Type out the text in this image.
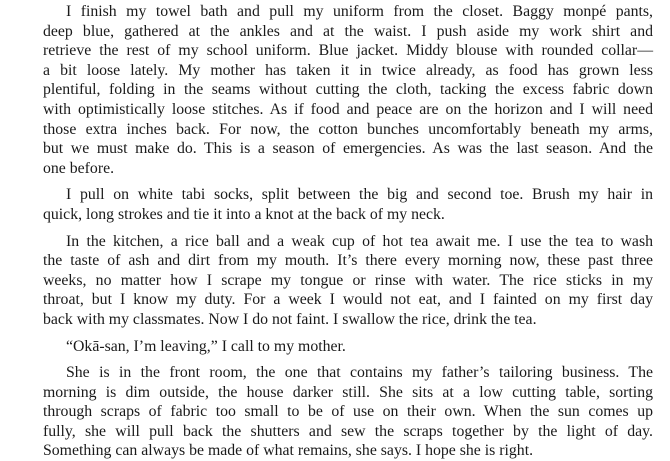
I finish my towel bath and pull my uniform from the closet. Baggy monpé pants,
deep blue, gathered at the ankles and at the waist. I push aside my work shirt and
retrieve the rest of my school uniform. Blue jacket. Middy blouse with rounded collar—
a bit loose lately. My mother has taken it in twice already, as food has grown less
plentiful, folding in the seams without cutting the cloth, tacking the excess fabric down
with optimistically loose stitches. As if food and peace are on the horizon and I will need
those extra inches back. For now, the cotton bunches uncomfortably beneath my arms,
but we must make do. This is a season of emergencies. As was the last season. And the
one before.
I pull on white tabi socks, split between the big and second toe. Brush my hair in
quick, long strokes and tie it into a knot at the back of my neck.
In the kitchen, a rice ball and a weak cup of hot tea await me. I use the tea to wash
the taste of ash and dirt from my mouth. It’s there every morning now, these past three
weeks, no matter how I scrape my tongue or rinse with water. The rice sticks in my
throat, but I know my duty. For a week I would not eat, and I fainted on my first day
back with my classmates. Now I do not faint. I swallow the rice, drink the tea.
“Okā-san, I’m leaving,” I call to my mother.
She is in the front room, the one that contains my father’s tailoring business. The
morning is dim outside, the house darker still. She sits at a low cutting table, sorting
through scraps of fabric too small to be of use on their own. When the sun comes up
fully, she will pull back the shutters and sew the scraps together by the light of day.
Something can always be made of what remains, she says. I hope she is right.
